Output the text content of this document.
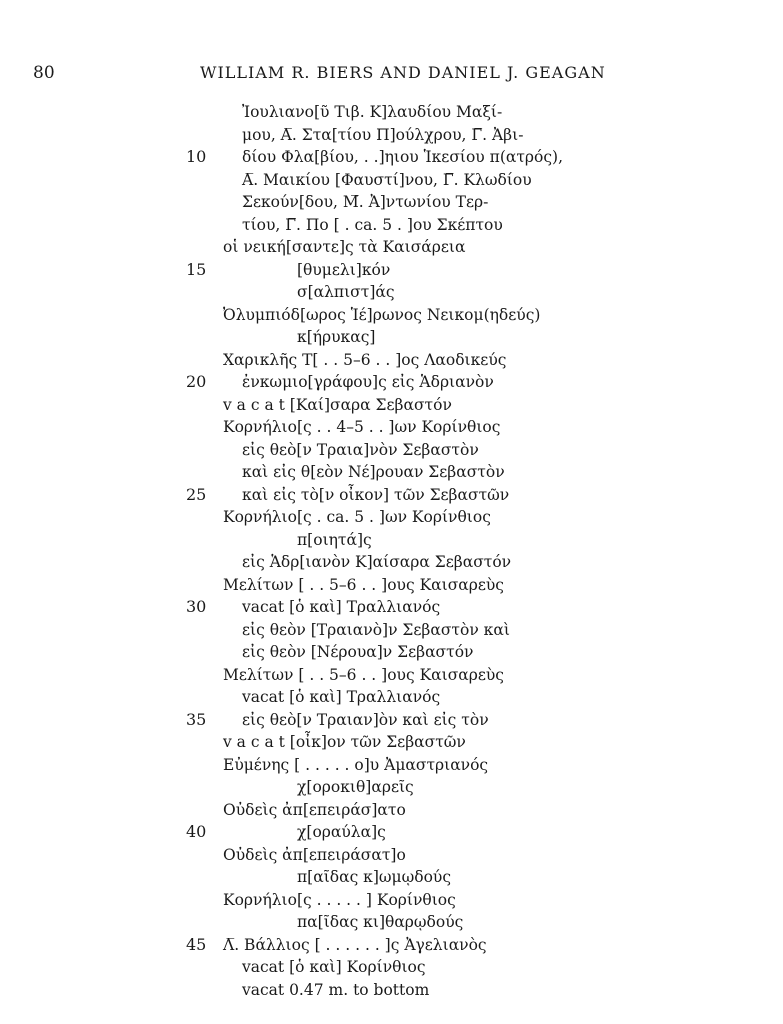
80	WILLIAM R. BIERS AND DANIEL J. GEAGAN
Ἰουλιανο[ῦ Τιβ. Κ]λαυδίου Μαξί-
μου, Α̅. Στα[τίου Π]ούλχρου, Γ̅. Ἀβι-
10	δίου Φλα[βίου, . .]ηιου Ἱκεσίου π(ατρός),
Α̅. Μαικίου [Φαυστί]νου, Γ̅. Κλωδίου
Σεκούν[δου, Μ̅. Ἀ]ντωνίου Τερ-
τίου, Γ̅. Πο [ . ca. 5 . ]ου Σκέπτου
οἱ νεική[σαντε]ς τὰ Καισάρεια
15	[θυμελι]κόν
σ[αλπιστ]άς
Ὀλυμπιόδ[ωρος Ἱέ]ρωνος Νεικομ(ηδεύς)
κ[ήρυκας]
Χαρικλῆς Τ[ . . 5–6 . . ]ος Λαοδικεύς
20	ἐνκωμιο[γράφου]ς εἰς Ἁδριανὸν
v a c a t [Καί]σαρα Σεβαστόν
Κορνήλιο[ς . . 4–5 . . ]ων Κορίνθιος
εἰς θεὸ[ν Τραια]νὸν Σεβαστὸν
καὶ εἰς θ[εὸν Νέ]ρουαν Σεβαστὸν
25	καὶ εἰς τὸ[ν οἶκον] τῶν Σεβαστῶν
Κορνήλιο[ς . ca. 5 . ]ων Κορίνθιος
π[οιητά]ς
εἰς Ἁδρ[ιανὸν Κ]αίσαρα Σεβαστόν
Μελίτων [ . . 5–6 . . ]ους Καισαρεὺς
30	vacat [ὁ καὶ] Τραλλιανός
εἰς θεὸν [Τραιανὸ]ν Σεβαστὸν καὶ
εἰς θεὸν [Νέρουα]ν Σεβαστόν
Μελίτων [ . . 5–6 . . ]ους Καισαρεὺς
vacat [ὁ καὶ] Τραλλιανός
35	εἰς θεὸ[ν Τραιαν]ὸν καὶ εἰς τὸν
v a c a t [οἶκ]ον τῶν Σεβαστῶν
Εὐμένης [ . . . . . ο]υ Ἀμαστριανός
χ[οροκιθ]αρεῖς
Οὐδεὶς ἀπ[επειράσ]ατο
40	χ[οραύλα]ς
Οὐδεὶς ἀπ[επειράσατ]ο
π[αῖδας κ]ωμῳδούς
Κορνήλιο[ς . . . . . ] Κορίνθιος
πα[ῖδας κι]θαρῳδούς
45	Λ̅. Βάλλιος [ . . . . . . ]ς Ἀγελιανὸς
vacat [ὁ καὶ] Κορίνθιος
vacat 0.47 m. to bottom
